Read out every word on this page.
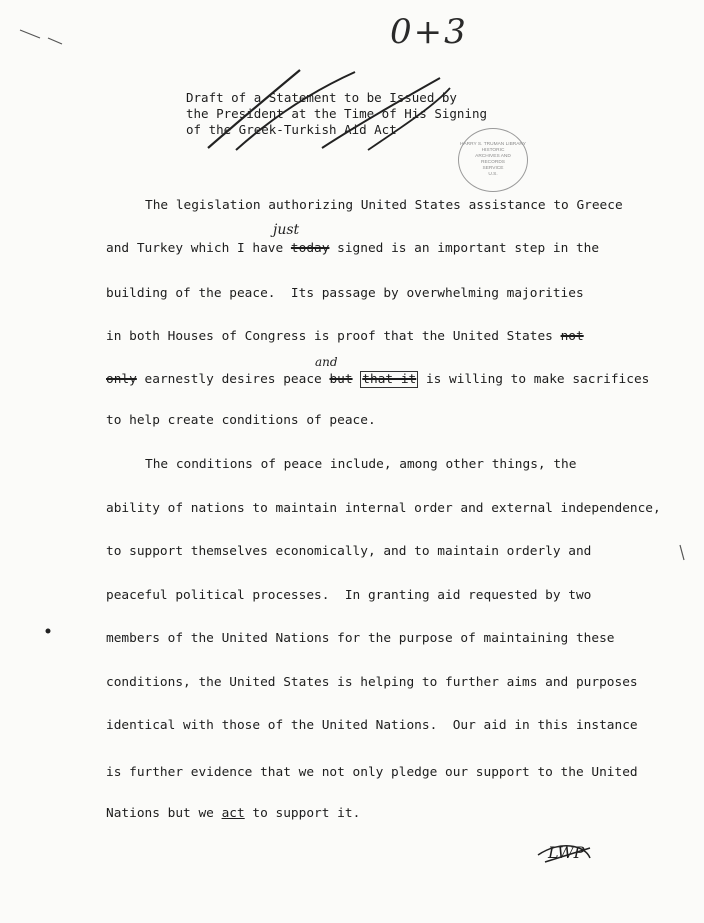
0+3
Draft of a Statement to be Issued by
the President at the Time of His Signing
of the Greek-Turkish Aid Act
HARRY S. TRUMAN LIBRARY
HISTORIC
ARCHIVES AND
RECORDS
SERVICE
U.S.
The legislation authorizing United States assistance to Greece
just
and Turkey which I have today signed is an important step in the
building of the peace.  Its passage by overwhelming majorities
in both Houses of Congress is proof that the United States not
and
only earnestly desires peace but that it is willing to make sacrifices
to help create conditions of peace.
The conditions of peace include, among other things, the
ability of nations to maintain internal order and external independence,
to support themselves economically, and to maintain orderly and
peaceful political processes.  In granting aid requested by two
members of the United Nations for the purpose of maintaining these
conditions, the United States is helping to further aims and purposes
identical with those of the United Nations.  Our aid in this instance
is further evidence that we not only pledge our support to the United
Nations but we act to support it.
LWP
